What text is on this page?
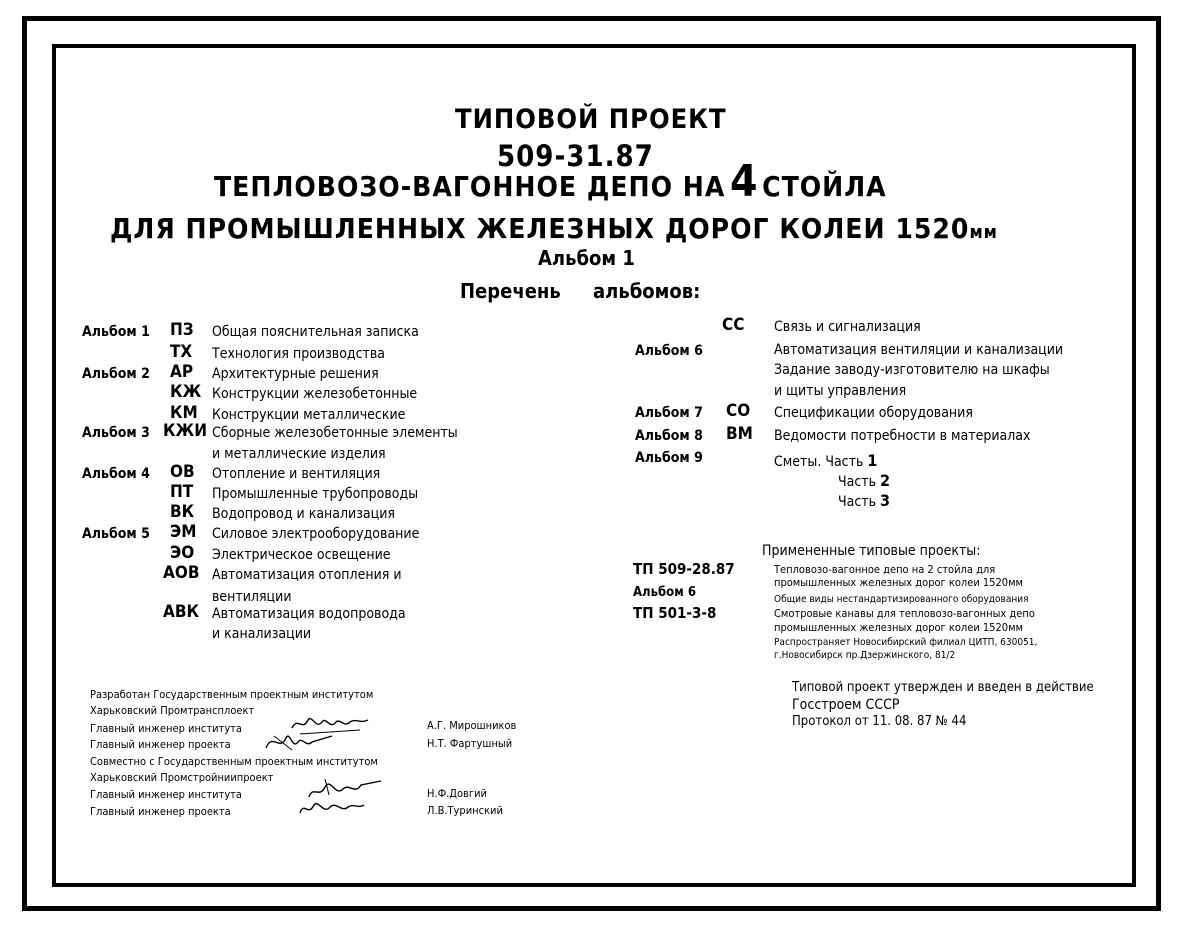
ТИПОВОЙ ПРОЕКТ
509-31.87
ТЕПЛОВОЗО-ВАГОННОЕ ДЕПО НА 4 СТОЙЛА
ДЛЯ ПРОМЫШЛЕННЫХ ЖЕЛЕЗНЫХ ДОРОГ КОЛЕИ 1520мм
Альбом 1
Перечень альбомов:
Альбом 1 ПЗ Общая пояснительная записка
ТХ Технология производства
Альбом 2 АР Архитектурные решения
КЖ Конструкции железобетонные
КМ Конструкции металлические
Альбом 3 КЖИ Сборные железобетонные элементы
и металлические изделия
Альбом 4 ОВ Отопление и вентиляция
ПТ Промышленные трубопроводы
ВК Водопровод и канализация
Альбом 5 ЭМ Силовое электрооборудование
ЭО Электрическое освещение
АОВ Автоматизация отопления и
вентиляции
АВК Автоматизация водопровода
и канализации
СС Связь и сигнализация
Альбом 6	Автоматизация вентиляции и канализации
Задание заводу-изготовителю на шкафы
и щиты управления
Альбом 7 СО Спецификации оборудования
Альбом 8 ВМ Ведомости потребности в материалах
Альбом 9	Сметы. Часть 1
Часть 2
Часть 3
Примененные типовые проекты:
ТП 509-28.87	Тепловозо-вагонное депо на 2 стойла для
промышленных железных дорог колеи 1520мм
Альбом 6	Общие виды нестандартизированного оборудования
ТП 501-3-8	Смотровые канавы для тепловозо-вагонных депо
промышленных железных дорог колеи 1520мм
Распространяет Новосибирский филиал ЦИТП, 630051,
г.Новосибирск пр.Дзержинского, 81/2
Типовой проект утвержден и введен в действие
Госстроем СССР
Протокол от 11. 08. 87 № 44
Разработан Государственным проектным институтом
Харьковский Промтрансплоект
Главный инженер института	А.Г. Мирошников
Главный инженер проекта	Н.Т. Фартушный
Совместно с Государственным проектным институтом
Харьковский Промстройниипроект
Главный инженер института	Н.Ф.Довгий
Главный инженер проекта	Л.В.Туринский
